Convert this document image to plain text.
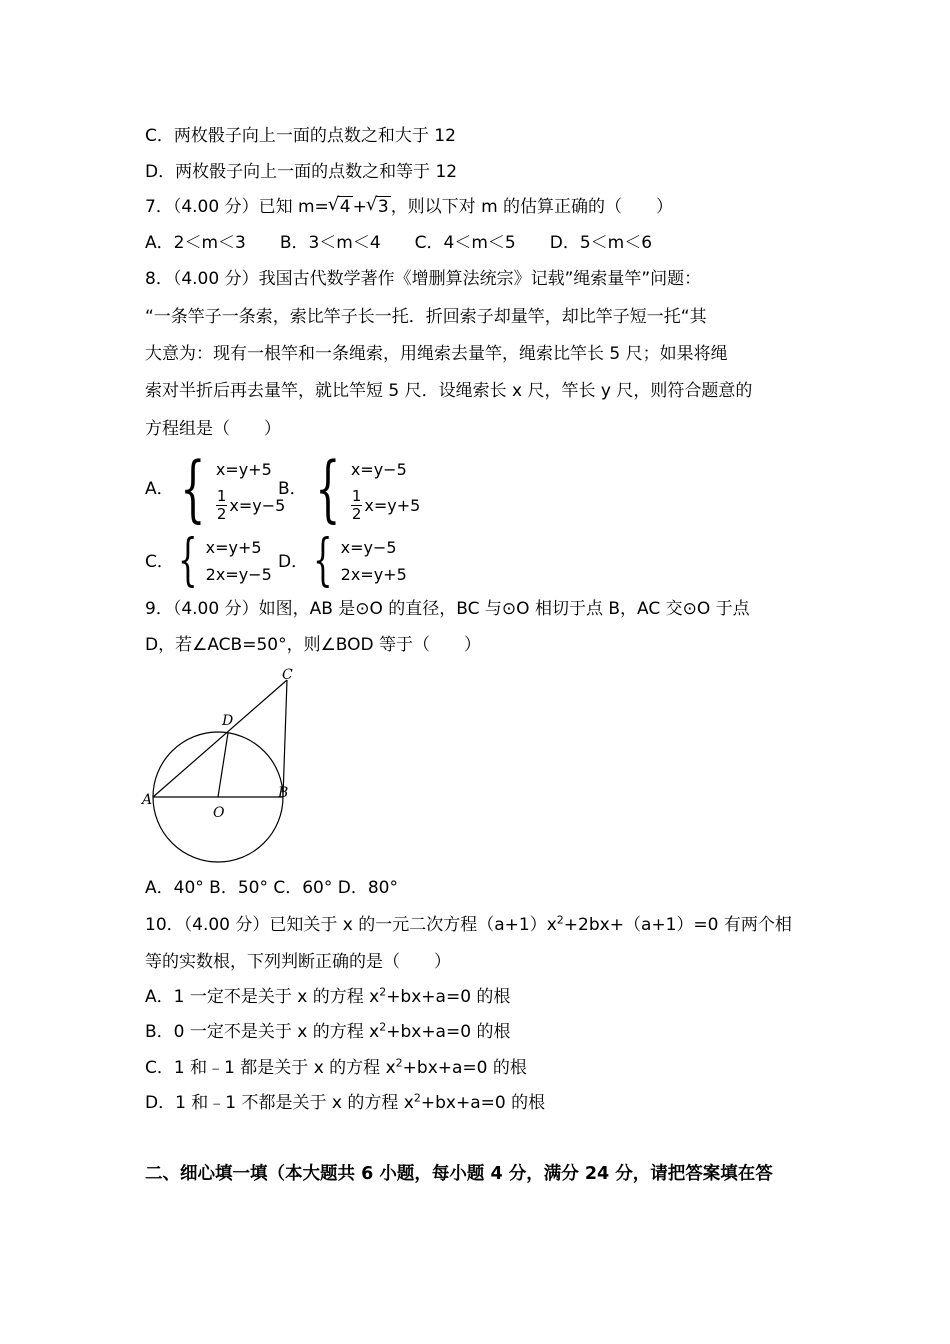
C．两枚骰子向上一面的点数之和大于 12
D．两枚骰子向上一面的点数之和等于 12
7．（4.00 分）已知 m= √ 4 + √ 3 ，则以下对 m 的估算正确的（　　）
A．2＜m＜3　　B．3＜m＜4　　C．4＜m＜5　　D．5＜m＜6
8．（4.00 分）我国古代数学著作《增删算法统宗》记载”绳索量竿”问题：
“一条竿子一条索，索比竿子长一托．折回索子却量竿，却比竿子短一托“其
大意为：现有一根竿和一条绳索，用绳索去量竿，绳索比竿长 5 尺；如果将绳
索对半折后再去量竿，就比竿短 5 尺．设绳索长 x 尺，竿长 y 尺，则符合题意的
方程组是（　　）
A． { x=y+5
$\frac{1}{2} x=y-5$
B． { x=y−5
$\frac{1}{2} x=y+5$
C． { x=y+5
2x=y−5
D． { x=y−5
2x=y+5
9．（4.00 分）如图，AB 是⊙O 的直径，BC 与⊙O 相切于点 B，AC 交⊙O 于点
D，若∠ACB=50°，则∠BOD 等于（　　）
C
D
A
O
B
A．40° B．50° C．60° D．80°
10．（4.00 分）已知关于 x 的一元二次方程$(a+1)x^2+2bx+(a+1)=0$ 有两个相
等的实数根，下列判断正确的是（　　）
A．1 一定不是关于 x 的方程 $x^2+bx+a=0$ 的根
B．0 一定不是关于 x 的方程 $x^2+bx+a=0$ 的根
C．1 和﹣1 都是关于 x 的方程 $x^2+bx+a=0$ 的根
D．1 和﹣1 不都是关于 x 的方程 $x^2+bx+a=0$ 的根
二、细心填一填（本大题共 6 小题，每小题 4 分，满分 24 分，请把答案填在答
